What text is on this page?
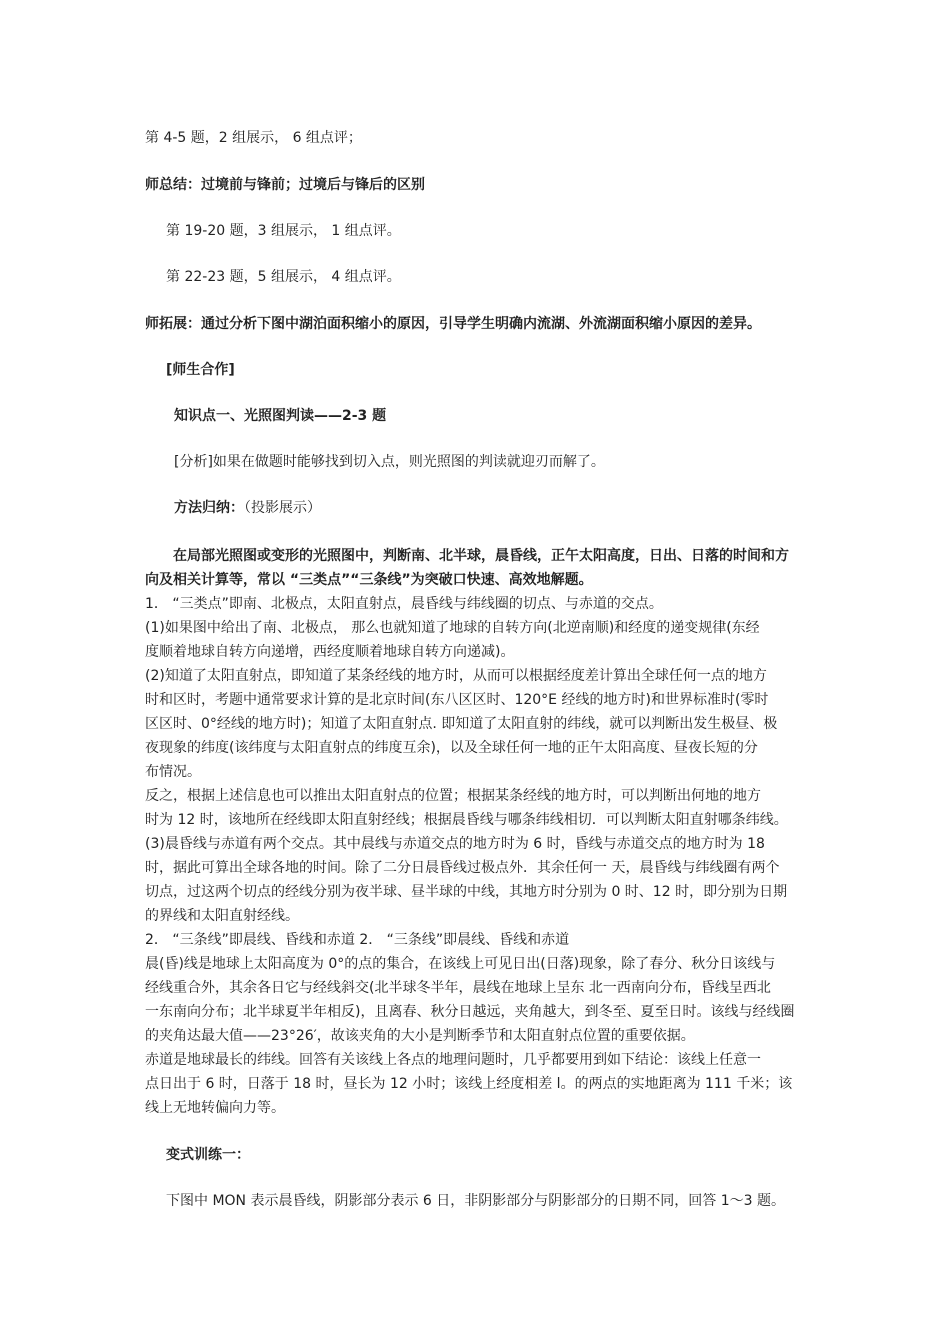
第 4-5 题，2 组展示， 6 组点评；
师总结：过境前与锋前；过境后与锋后的区别
第 19-20 题，3 组展示， 1 组点评。
第 22-23 题，5 组展示， 4 组点评。
师拓展：通过分析下图中湖泊面积缩小的原因，引导学生明确内流湖、外流湖面积缩小原因的差异。
[师生合作]
知识点一、光照图判读——2-3 题
[分析]如果在做题时能够找到切入点，则光照图的判读就迎刃而解了。
方法归纳：（投影展示）
在局部光照图或变形的光照图中，判断南、北半球，晨昏线，正午太阳高度，日出、日落的时间和方
向及相关计算等，常以 “三类点”“三条线”为突破口快速、高效地解题。
1． “三类点”即南、北极点，太阳直射点，晨昏线与纬线圈的切点、与赤道的交点。
(1)如果图中给出了南、北极点， 那么也就知道了地球的自转方向(北逆南顺)和经度的递变规律(东经
度顺着地球自转方向递增，西经度顺着地球自转方向递减)。
(2)知道了太阳直射点，即知道了某条经线的地方时，从而可以根据经度差计算出全球任何一点的地方
时和区时，考题中通常要求计算的是北京时间(东八区区时、120°E 经线的地方时)和世界标准时(零时
区区时、0°经线的地方时)；知道了太阳直射点. 即知道了太阳直射的纬线，就可以判断出发生极昼、极
夜现象的纬度(该纬度与太阳直射点的纬度互余)，以及全球任何一地的正午太阳高度、昼夜长短的分
布情况。
反之，根据上述信息也可以推出太阳直射点的位置；根据某条经线的地方时，可以判断出何地的地方
时为 12 时，该地所在经线即太阳直射经线；根据晨昏线与哪条纬线相切．可以判断太阳直射哪条纬线。
(3)晨昏线与赤道有两个交点。其中晨线与赤道交点的地方时为 6 时，昏线与赤道交点的地方时为 18
时，据此可算出全球各地的时间。除了二分日晨昏线过极点外．其余任何一 天，晨昏线与纬线圈有两个
切点，过这两个切点的经线分别为夜半球、昼半球的中线，其地方时分别为 0 时、12 时，即分别为日期
的界线和太阳直射经线。
2． “三条线”即晨线、昏线和赤道 2． “三条线”即晨线、昏线和赤道
晨(昏)线是地球上太阳高度为 0°的点的集合，在该线上可见日出(日落)现象，除了春分、秋分日该线与
经线重合外，其余各日它与经线斜交(北半球冬半年，晨线在地球上呈东 北一西南向分布，昏线呈西北
一东南向分布；北半球夏半年相反)，且离春、秋分日越远，夹角越大，到冬至、夏至日时。该线与经线圈
的夹角达最大值——23°26′，故该夹角的大小是判断季节和太阳直射点位置的重要依据。
赤道是地球最长的纬线。回答有关该线上各点的地理问题时，几乎都要用到如下结论：该线上任意一
点日出于 6 时，日落于 18 时，昼长为 12 小时；该线上经度相差 l。的两点的实地距离为 111 千米；该
线上无地转偏向力等。
变式训练一：
下图中 MON 表示晨昏线，阴影部分表示 6 日，非阴影部分与阴影部分的日期不同，回答 1～3 题。
